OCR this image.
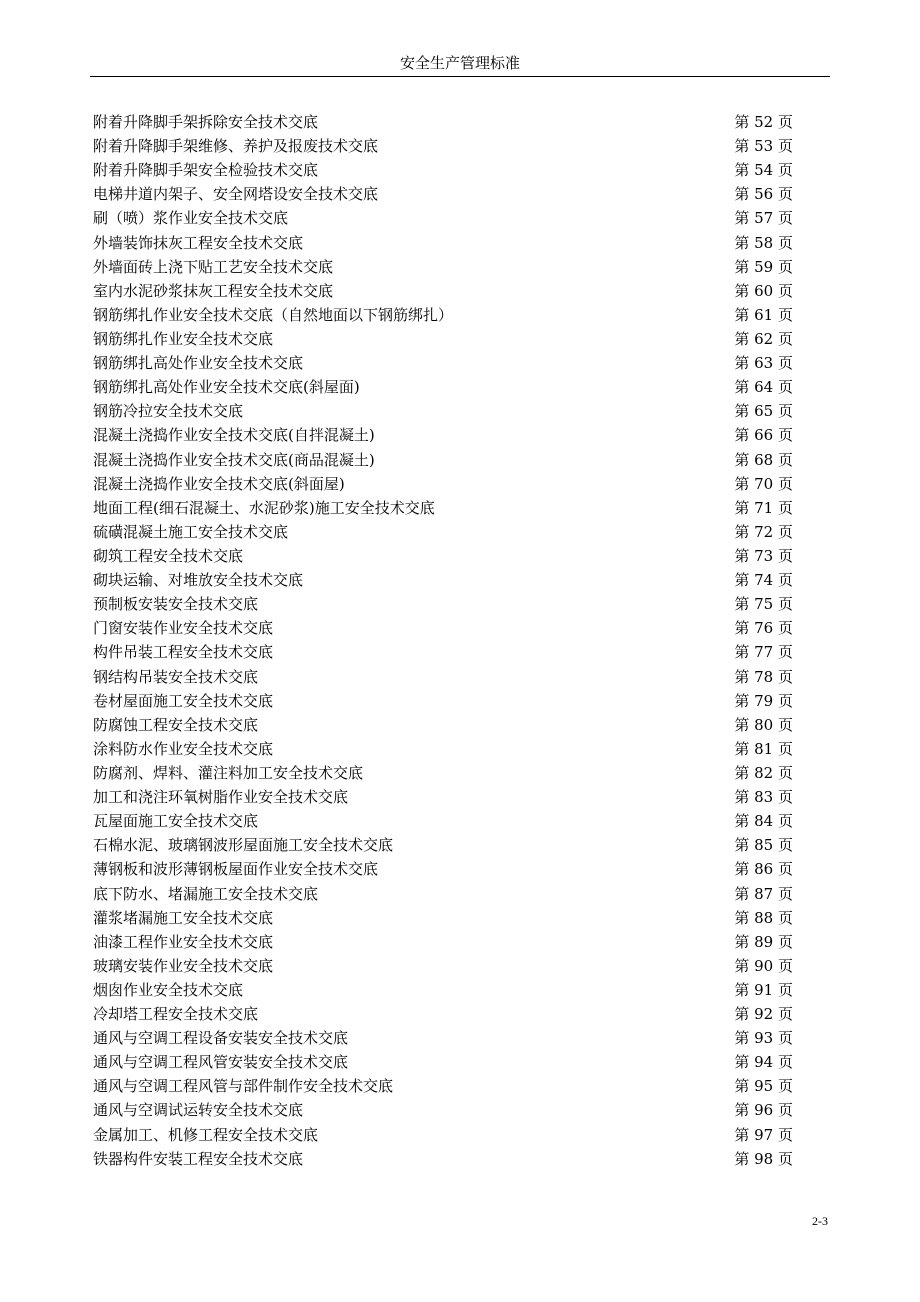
安全生产管理标准
附着升降脚手架拆除安全技术交底	第 52 页
附着升降脚手架维修、养护及报废技术交底	第 53 页
附着升降脚手架安全检验技术交底	第 54 页
电梯井道内架子、安全网塔设安全技术交底	第 56 页
刷（喷）浆作业安全技术交底	第 57 页
外墙装饰抹灰工程安全技术交底	第 58 页
外墙面砖上浇下贴工艺安全技术交底	第 59 页
室内水泥砂浆抹灰工程安全技术交底	第 60 页
钢筋绑扎作业安全技术交底（自然地面以下钢筋绑扎）	第 61 页
钢筋绑扎作业安全技术交底	第 62 页
钢筋绑扎高处作业安全技术交底	第 63 页
钢筋绑扎高处作业安全技术交底(斜屋面)	第 64 页
钢筋冷拉安全技术交底	第 65 页
混凝土浇捣作业安全技术交底(自拌混凝土)	第 66 页
混凝土浇捣作业安全技术交底(商品混凝土)	第 68 页
混凝土浇捣作业安全技术交底(斜面屋)	第 70 页
地面工程(细石混凝土、水泥砂浆)施工安全技术交底	第 71 页
硫磺混凝土施工安全技术交底	第 72 页
砌筑工程安全技术交底	第 73 页
砌块运输、对堆放安全技术交底	第 74 页
预制板安装安全技术交底	第 75 页
门窗安装作业安全技术交底	第 76 页
构件吊装工程安全技术交底	第 77 页
钢结构吊装安全技术交底	第 78 页
卷材屋面施工安全技术交底	第 79 页
防腐蚀工程安全技术交底	第 80 页
涂料防水作业安全技术交底	第 81 页
防腐剂、焊料、灌注料加工安全技术交底	第 82 页
加工和浇注环氧树脂作业安全技术交底	第 83 页
瓦屋面施工安全技术交底	第 84 页
石棉水泥、玻璃钢波形屋面施工安全技术交底	第 85 页
薄钢板和波形薄钢板屋面作业安全技术交底	第 86 页
底下防水、堵漏施工安全技术交底	第 87 页
灌浆堵漏施工安全技术交底	第 88 页
油漆工程作业安全技术交底	第 89 页
玻璃安装作业安全技术交底	第 90 页
烟囱作业安全技术交底	第 91 页
冷却塔工程安全技术交底	第 92 页
通风与空调工程设备安装安全技术交底	第 93 页
通风与空调工程风管安装安全技术交底	第 94 页
通风与空调工程风管与部件制作安全技术交底	第 95 页
通风与空调试运转安全技术交底	第 96 页
金属加工、机修工程安全技术交底	第 97 页
铁器构件安装工程安全技术交底	第 98 页
2-3
